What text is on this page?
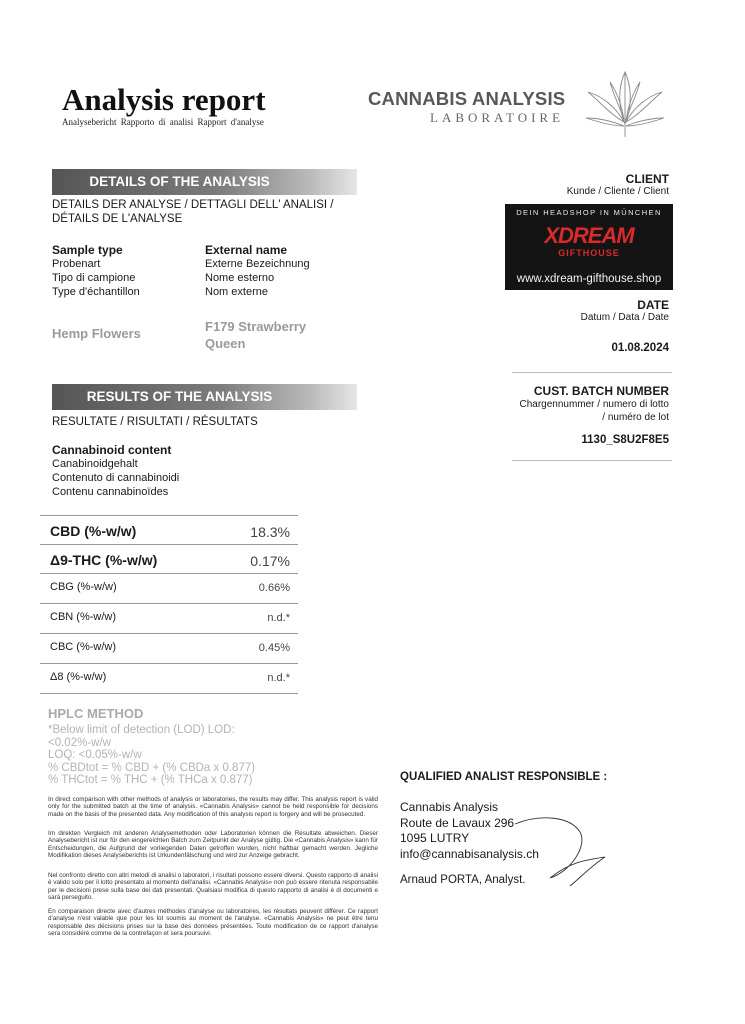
Analysis report
Analysebericht Rapporto di analisi Rapport d'analyse
CANNABIS ANALYSIS
LABORATOIRE
DETAILS OF THE ANALYSIS
DETAILS DER ANALYSE / DETTAGLI DELL' ANALISI /
DÉTAILS DE L'ANALYSE
Sample type
Probenart
Tipo di campione
Type d'échantillon
Hemp Flowers
External name
Externe Bezeichnung
Nome esterno
Nom externe
F179 Strawberry
Queen
RESULTS OF THE ANALYSIS
RESULTATE / RISULTATI / RÉSULTATS
Cannabinoid content
Canabinoidgehalt
Contenuto di cannabinoidi
Contenu cannabinoïdes
CBD (%-w/w)	18.3%
Δ9-THC (%-w/w)	0.17%
CBG (%-w/w)	0.66%
CBN (%-w/w)	n.d.*
CBC (%-w/w)	0.45%
Δ8 (%-w/w)	n.d.*
HPLC METHOD
*Below limit of detection (LOD) LOD:
<0.02%-w/w
LOQ: <0.05%-w/w
% CBDtot = % CBD + (% CBDa x 0.877)
% THCtot = % THC + (% THCa x 0.877)
In direct comparison with other methods of analysis or laboratories, the results may differ. This analysis report is valid only for the submitted batch at the time of analysis. «Cannabis Analysis» cannot be held responsible for decisions made on the basis of the presented data. Any modification of this analysis report is forgery and will be prosecuted.
Im direkten Vergleich mit anderen Analysemethoden oder Laboratorien können die Resultate abweichen. Dieser Analysebericht ist nur für den eingereichten Batch zum Zeitpunkt der Analyse gültig. Die «Cannabis Analysis» kann für Entscheidungen, die Aufgrund der vorliegenden Daten getroffen wurden, nicht haftbar gemacht werden. Jegliche Modifikation dieses Analyseberichts ist Urkundenfälschung und wird zur Anzeige gebracht.
Nel confronto diretto con altri metodi di analisi o laboratori, i risultati possono essere diversi. Questo rapporto di analisi è valido solo per il lotto presentato al momento dell'analisi. «Cannabis Analysis» non può essere ritenuta responsabile per le decisioni prese sulla base dei dati presentati. Qualsiasi modifica di questo rapporto di analisi è di documenti e sarà perseguito.
En comparaison directe avec d'autres méthodes d'analyse ou laboratoires, les résultats peuvent différer. Ce rapport d'analyse n'est valable que pour les lot soumis au moment de l'analyse. «Cannabis Analysis» ne peut être tenu responsable des décisions prises sur la base des données présentées. Toute modification de ce rapport d'analyse sera considéré comme de la contrefaçon et sera poursuivi.
CLIENT
Kunde / Cliente / Client
DEIN HEADSHOP IN MÜNCHEN
XDREAM
GIFTHOUSE
www.xdream-gifthouse.shop
DATE
Datum / Data / Date
01.08.2024
CUST. BATCH NUMBER
Chargennummer / numero di lotto
/ numéro de lot
1130_S8U2F8E5
QUALIFIED ANALIST RESPONSIBLE :
Cannabis Analysis
Route de Lavaux 296
1095 LUTRY
info@cannabisanalysis.ch
Arnaud PORTA, Analyst.
